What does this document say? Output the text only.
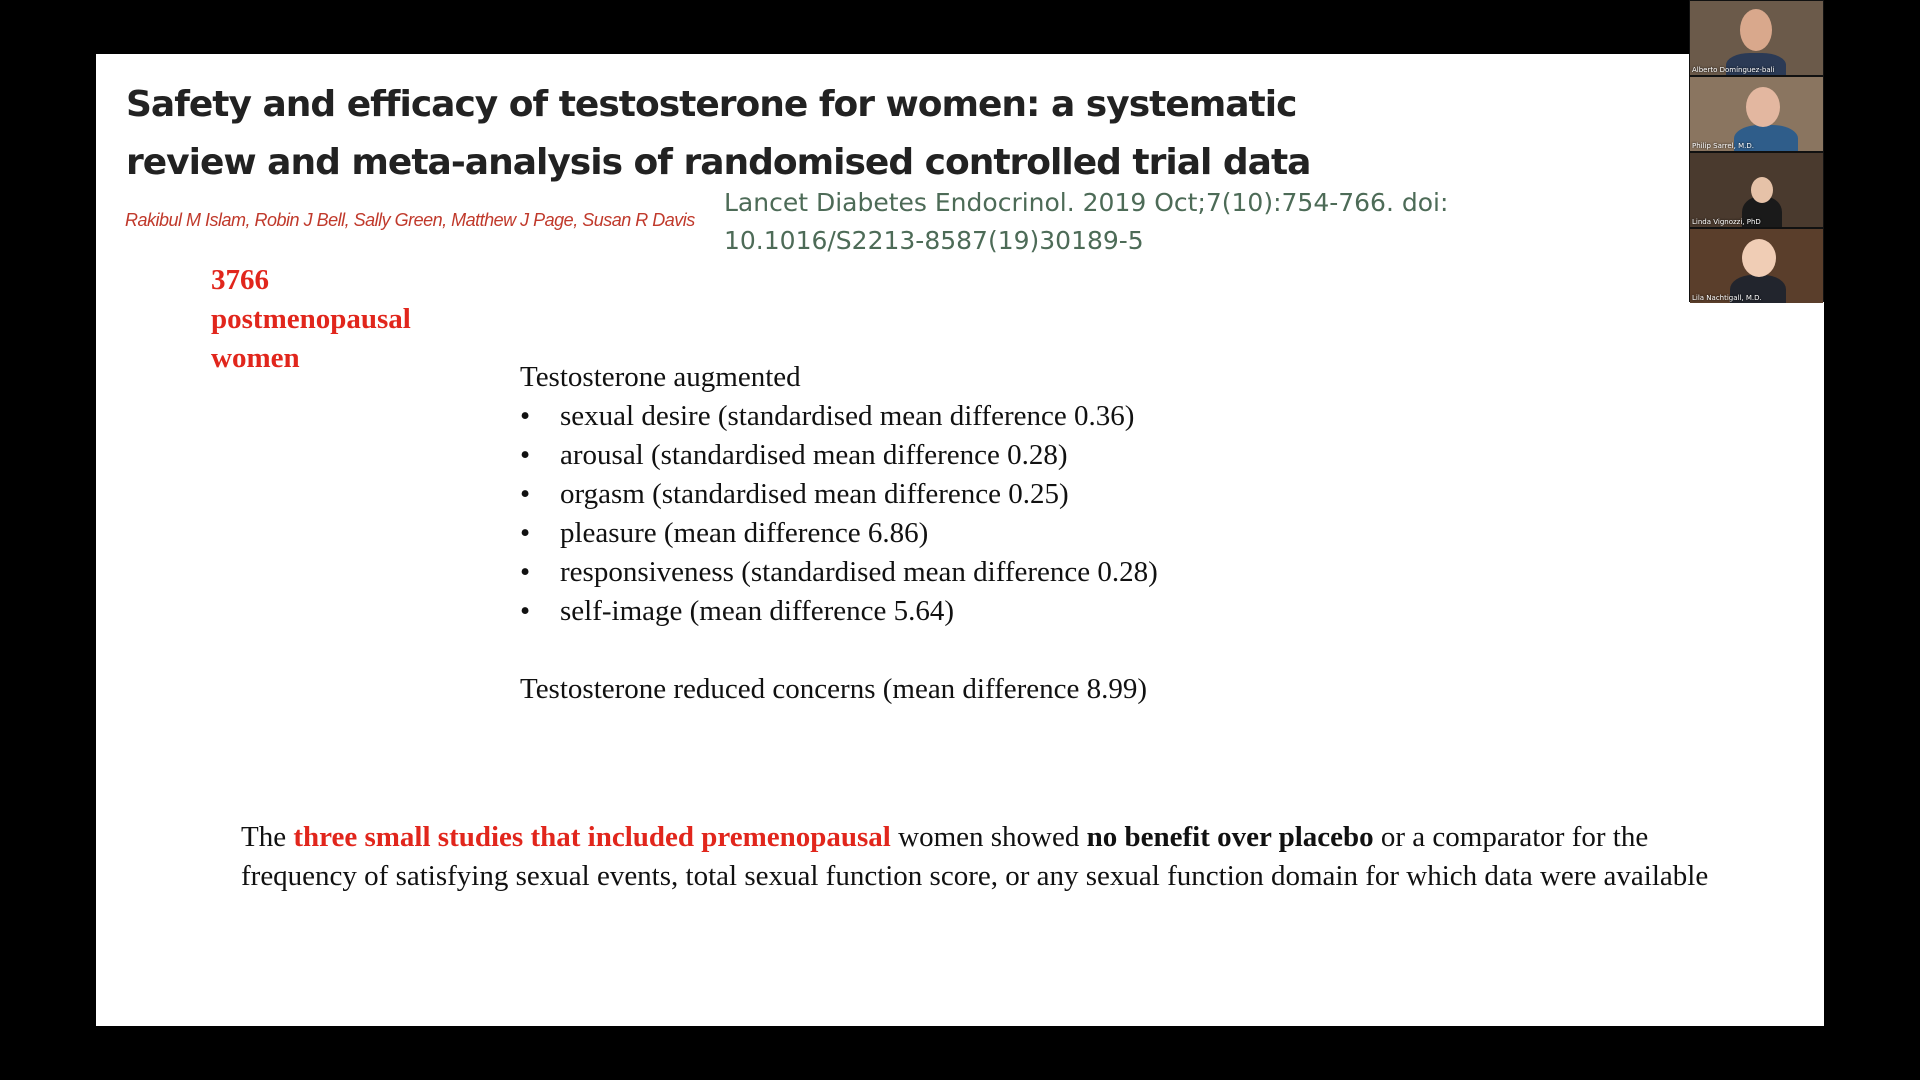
Safety and efficacy of testosterone for women: a systematic
review and meta-analysis of randomised controlled trial data
Rakibul M Islam, Robin J Bell, Sally Green, Matthew J Page, Susan R Davis
Lancet Diabetes Endocrinol. 2019 Oct;7(10):754-766. doi:
10.1016/S2213-8587(19)30189-5
3766
postmenopausal
women
Testosterone augmented
• sexual desire (standardised mean difference 0.36)
• arousal (standardised mean difference 0.28)
• orgasm (standardised mean difference 0.25)
• pleasure (mean difference 6.86)
• responsiveness (standardised mean difference 0.28)
• self-image (mean difference 5.64)
Testosterone reduced concerns (mean difference 8.99)
The three small studies that included premenopausal women showed no benefit over placebo or a comparator for the frequency of satisfying sexual events, total sexual function score, or any sexual function domain for which data were available
Alberto Domínguez-bali
Philip Sarrel, M.D.
Linda Vignozzi, PhD
Lila Nachtigall, M.D.
